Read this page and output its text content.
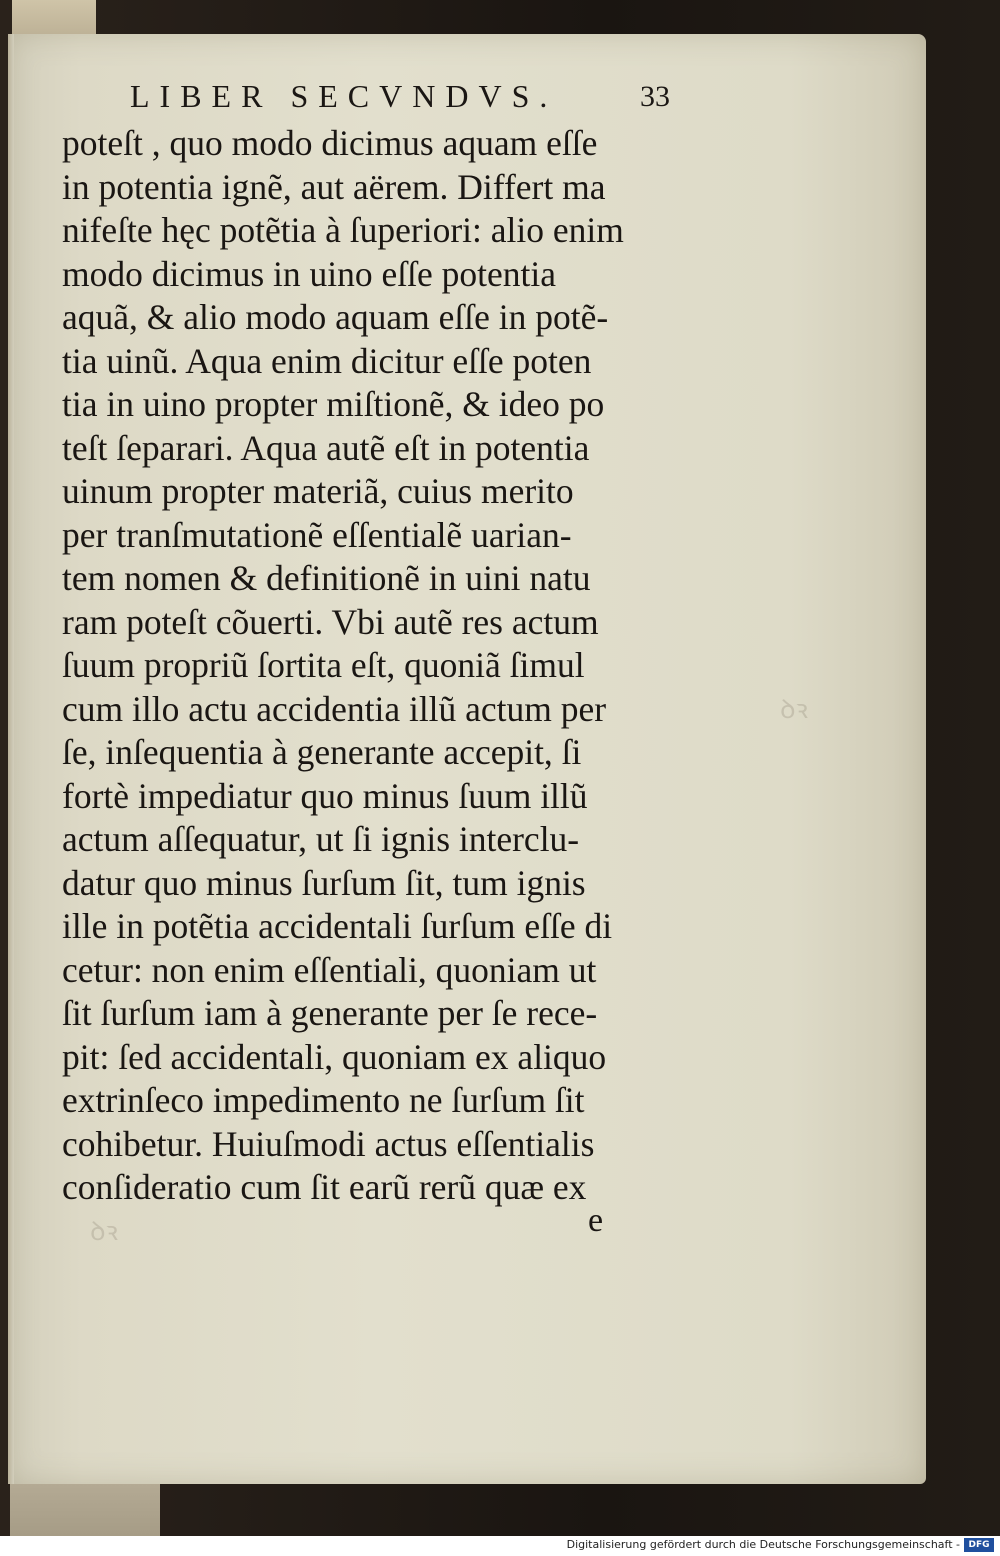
ꝺꝛ
ꝺꝛ
LIBER SECVNDVS.	33
poteſt , quo modo dicimus aquam eſſe
in potentia ignẽ, aut aërem. Differt ma
nifeſte hęc potẽtia à ſuperiori: alio enim
modo dicimus in uino eſſe potentia
aquã, & alio modo aquam eſſe in potẽ-
tia uinũ. Aqua enim dicitur eſſe poten
tia in uino propter miſtionẽ, & ideo po
teſt ſeparari. Aqua autẽ eſt in potentia
uinum propter materiã, cuius merito
per tranſmutationẽ eſſentialẽ uarian-
tem nomen & definitionẽ in uini natu
ram poteſt cõuerti. Vbi autẽ res actum
ſuum propriũ ſortita eſt, quoniã ſimul
cum illo actu accidentia illũ actum per
ſe, inſequentia à generante accepit, ſi
fortè impediatur quo minus ſuum illũ
actum aſſequatur, ut ſi ignis interclu-
datur quo minus ſurſum ſit, tum ignis
ille in potẽtia accidentali ſurſum eſſe di
cetur: non enim eſſentiali, quoniam ut
ſit ſurſum iam à generante per ſe rece-
pit: ſed accidentali, quoniam ex aliquo
extrinſeco impedimento ne ſurſum ſit
cohibetur. Huiuſmodi actus eſſentialis
conſideratio cum ſit earũ rerũ quæ ex
e
Digitalisierung gefördert durch die Deutsche Forschungsgemeinschaft - DFG
